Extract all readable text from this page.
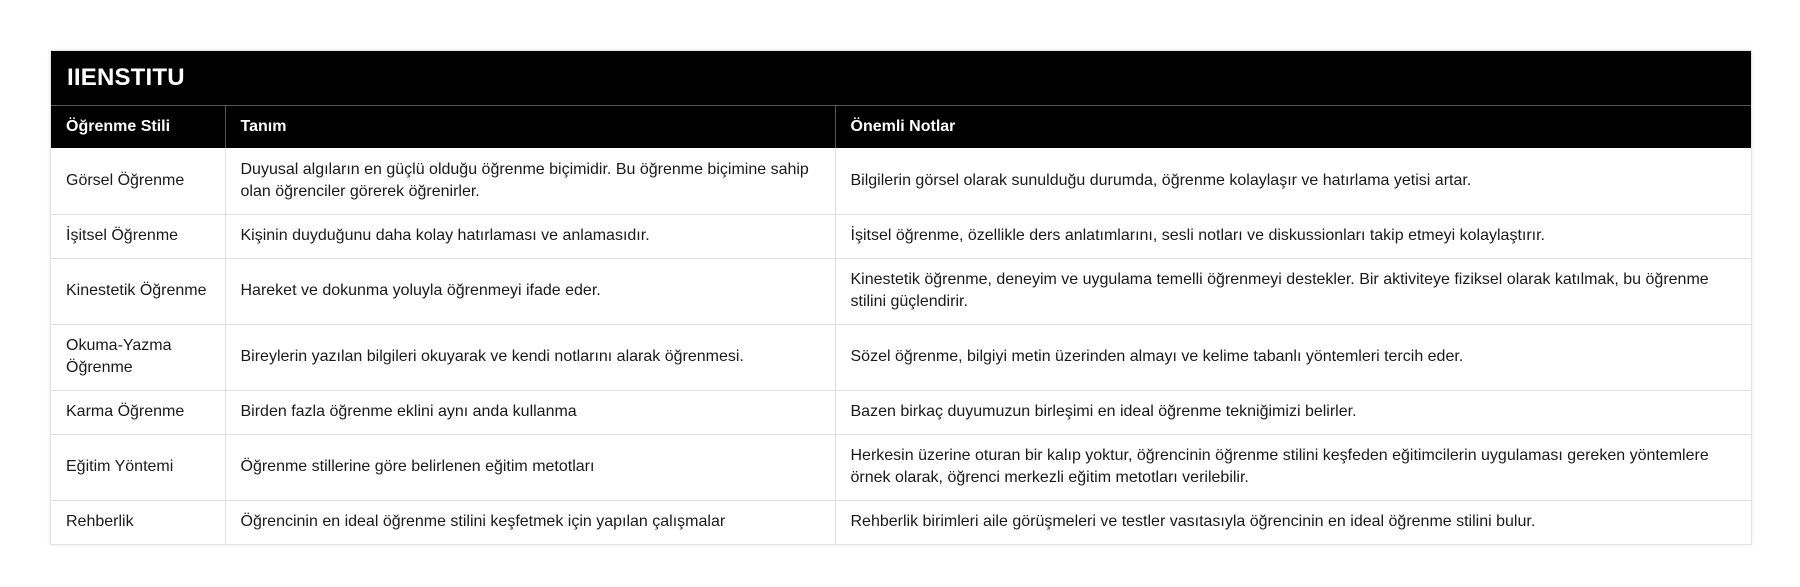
IIENSTITU
Öğrenme Stili	Tanım	Önemli Notlar
Görsel Öğrenme	Duyusal algıların en güçlü olduğu öğrenme biçimidir. Bu öğrenme biçimine sahip olan öğrenciler görerek öğrenirler.	Bilgilerin görsel olarak sunulduğu durumda, öğrenme kolaylaşır ve hatırlama yetisi artar.
İşitsel Öğrenme	Kişinin duyduğunu daha kolay hatırlaması ve anlamasıdır.	İşitsel öğrenme, özellikle ders anlatımlarını, sesli notları ve diskussionları takip etmeyi kolaylaştırır.
Kinestetik Öğrenme	Hareket ve dokunma yoluyla öğrenmeyi ifade eder.	Kinestetik öğrenme, deneyim ve uygulama temelli öğrenmeyi destekler. Bir aktiviteye fiziksel olarak katılmak, bu öğrenme stilini güçlendirir.
Okuma-Yazma Öğrenme	Bireylerin yazılan bilgileri okuyarak ve kendi notlarını alarak öğrenmesi.	Sözel öğrenme, bilgiyi metin üzerinden almayı ve kelime tabanlı yöntemleri tercih eder.
Karma Öğrenme	Birden fazla öğrenme eklini aynı anda kullanma	Bazen birkaç duyumuzun birleşimi en ideal öğrenme tekniğimizi belirler.
Eğitim Yöntemi	Öğrenme stillerine göre belirlenen eğitim metotları	Herkesin üzerine oturan bir kalıp yoktur, öğrencinin öğrenme stilini keşfeden eğitimcilerin uygulaması gereken yöntemlere örnek olarak, öğrenci merkezli eğitim metotları verilebilir.
Rehberlik	Öğrencinin en ideal öğrenme stilini keşfetmek için yapılan çalışmalar	Rehberlik birimleri aile görüşmeleri ve testler vasıtasıyla öğrencinin en ideal öğrenme stilini bulur.
